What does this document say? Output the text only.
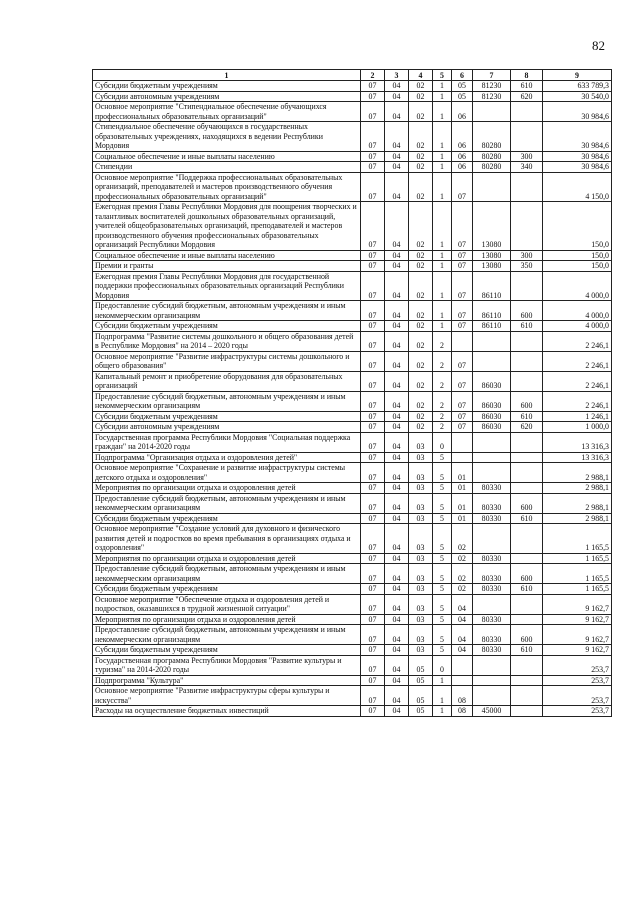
82
1	2	3	4	5	6	7	8	9
Субсидии бюджетным учреждениям	07	04	02	1	05	81230	610	633 789,3
Субсидии автономным учреждениям	07	04	02	1	05	81230	620	30 540,0
Основное мероприятие "Стипендиальное обеспечение обучающихся профессиональных образовательных организаций"	07	04	02	1	06			30 984,6
Стипендиальное обеспечение обучающихся в государственных образовательных учреждениях, находящихся в ведении Республики Мордовия	07	04	02	1	06	80280		30 984,6
Социальное обеспечение и иные выплаты населению	07	04	02	1	06	80280	300	30 984,6
Стипендии	07	04	02	1	06	80280	340	30 984,6
Основное мероприятие "Поддержка профессиональных образовательных организаций, преподавателей и мастеров производственного обучения профессиональных образовательных организаций"	07	04	02	1	07			4 150,0
Ежегодная премия Главы Республики Мордовия для поощрения творческих и талантливых воспитателей дошкольных образовательных организаций, учителей общеобразовательных организаций, преподавателей и мастеров производственного обучения профессиональных образовательных организаций Республики Мордовия	07	04	02	1	07	13080		150,0
Социальное обеспечение и иные выплаты населению	07	04	02	1	07	13080	300	150,0
Премии и гранты	07	04	02	1	07	13080	350	150,0
Ежегодная премия Главы Республики Мордовия для государственной поддержки профессиональных образовательных организаций Республики Мордовия	07	04	02	1	07	86110		4 000,0
Предоставление субсидий бюджетным, автономным учреждениям и иным некоммерческим организациям	07	04	02	1	07	86110	600	4 000,0
Субсидии бюджетным учреждениям	07	04	02	1	07	86110	610	4 000,0
Подпрограмма "Развитие системы дошкольного и общего образования детей в Республике Мордовия" на 2014 – 2020 годы	07	04	02	2				2 246,1
Основное мероприятие "Развитие инфраструктуры системы дошкольного и общего образования"	07	04	02	2	07			2 246,1
Капитальный ремонт и приобретение оборудования для образовательных организаций	07	04	02	2	07	86030		2 246,1
Предоставление субсидий бюджетным, автономным учреждениям и иным некоммерческим организациям	07	04	02	2	07	86030	600	2 246,1
Субсидии бюджетным учреждениям	07	04	02	2	07	86030	610	1 246,1
Субсидии автономным учреждениям	07	04	02	2	07	86030	620	1 000,0
Государственная программа Республики Мордовия "Социальная поддержка граждан" на 2014-2020 годы	07	04	03	0				13 316,3
Подпрограмма "Организация отдыха и оздоровления детей"	07	04	03	5				13 316,3
Основное мероприятие "Сохранение и развитие инфраструктуры системы детского отдыха и оздоровления"	07	04	03	5	01			2 988,1
Мероприятия по организации отдыха и оздоровления детей	07	04	03	5	01	80330		2 988,1
Предоставление субсидий бюджетным, автономным учреждениям и иным некоммерческим организациям	07	04	03	5	01	80330	600	2 988,1
Субсидии бюджетным учреждениям	07	04	03	5	01	80330	610	2 988,1
Основное мероприятие "Создание условий для духовного и физического развития детей и подростков во время пребывания в организациях отдыха и оздоровления"	07	04	03	5	02			1 165,5
Мероприятия по организации отдыха и оздоровления детей	07	04	03	5	02	80330		1 165,5
Предоставление субсидий бюджетным, автономным учреждениям и иным некоммерческим организациям	07	04	03	5	02	80330	600	1 165,5
Субсидии бюджетным учреждениям	07	04	03	5	02	80330	610	1 165,5
Основное мероприятие "Обеспечение отдыха и оздоровления детей и подростков, оказавшихся в трудной жизненной ситуации"	07	04	03	5	04			9 162,7
Мероприятия по организации отдыха и оздоровления детей	07	04	03	5	04	80330		9 162,7
Предоставление субсидий бюджетным, автономным учреждениям и иным некоммерческим организациям	07	04	03	5	04	80330	600	9 162,7
Субсидии бюджетным учреждениям	07	04	03	5	04	80330	610	9 162,7
Государственная программа Республики Мордовия "Развитие культуры и туризма" на 2014-2020 годы	07	04	05	0				253,7
Подпрограмма "Культура"	07	04	05	1				253,7
Основное мероприятие "Развитие инфраструктуры сферы культуры и искусства"	07	04	05	1	08			253,7
Расходы на осуществление бюджетных инвестиций	07	04	05	1	08	45000		253,7
